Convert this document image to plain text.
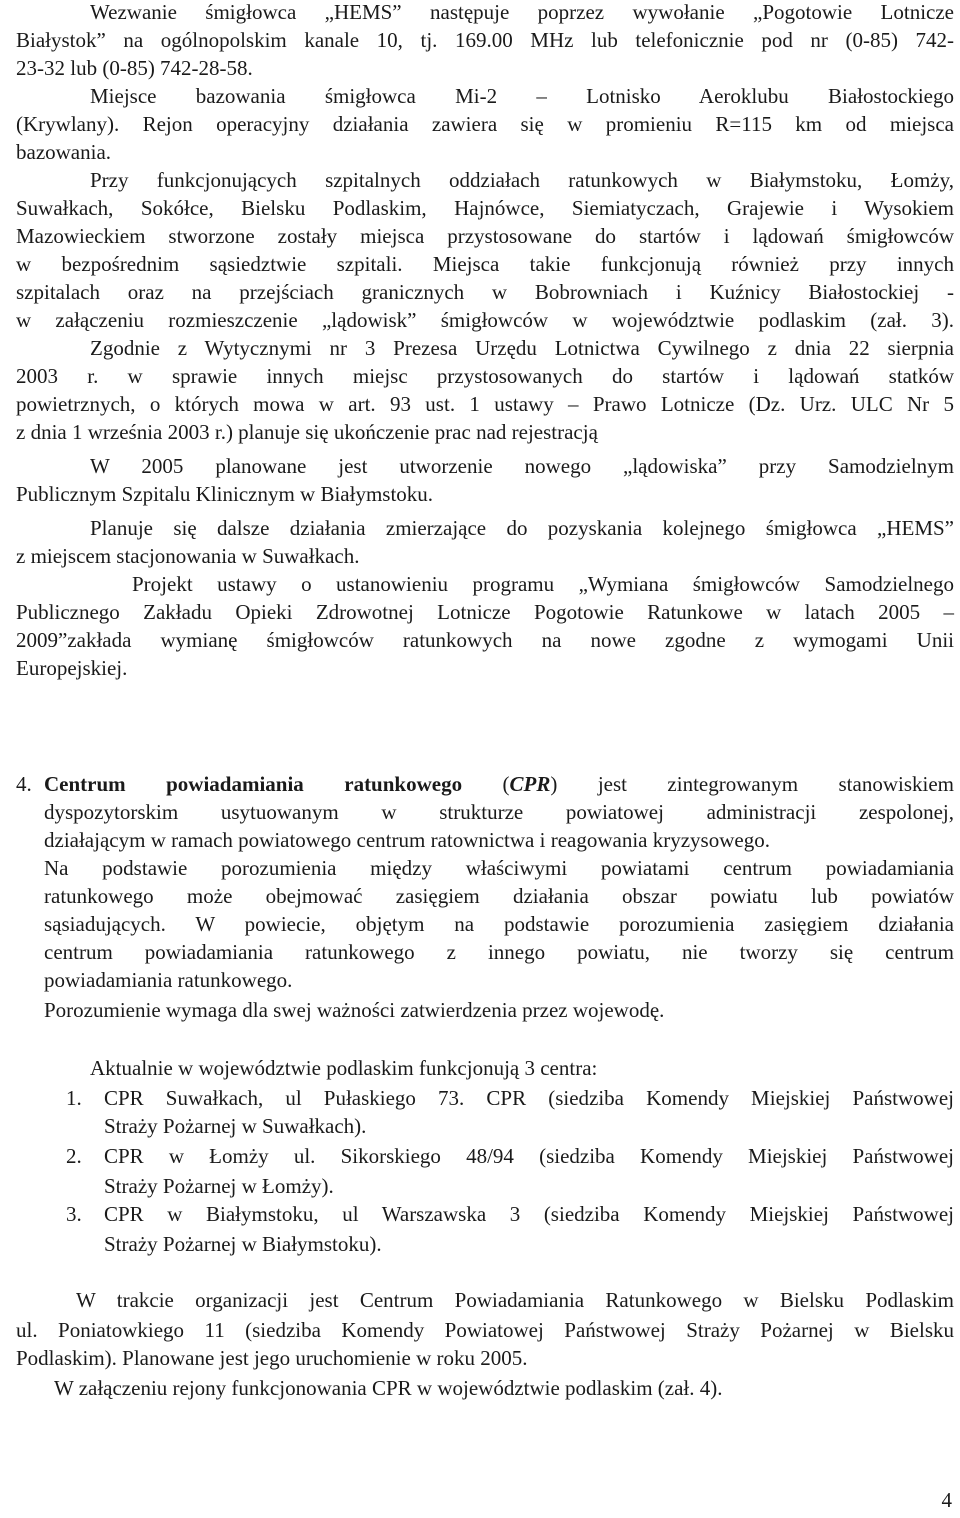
Wezwanie śmigłowca „HEMS” następuje poprzez wywołanie „Pogotowie Lotnicze
Białystok” na ogólnopolskim kanale 10, tj. 169.00 MHz lub telefonicznie pod nr (0-85) 742-
23-32 lub (0-85) 742-28-58.
Miejsce bazowania śmigłowca Mi-2 – Lotnisko Aeroklubu Białostockiego
(Krywlany). Rejon operacyjny działania zawiera się w promieniu R=115 km od miejsca
bazowania.
Przy funkcjonujących szpitalnych oddziałach ratunkowych w Białymstoku, Łomży,
Suwałkach, Sokółce, Bielsku Podlaskim, Hajnówce, Siemiatyczach, Grajewie i Wysokiem
Mazowieckiem stworzone zostały miejsca przystosowane do startów i lądowań śmigłowców
w bezpośrednim sąsiedztwie szpitali. Miejsca takie funkcjonują również przy innych
szpitalach oraz na przejściach granicznych w Bobrowniach i Kuźnicy Białostockiej -
w załączeniu rozmieszczenie „lądowisk” śmigłowców w województwie podlaskim (zał. 3).
Zgodnie z Wytycznymi nr 3 Prezesa Urzędu Lotnictwa Cywilnego z dnia 22 sierpnia
2003 r. w sprawie innych miejsc przystosowanych do startów i lądowań statków
powietrznych, o których mowa w art. 93 ust. 1 ustawy – Prawo Lotnicze (Dz. Urz. ULC Nr 5
z dnia 1 września 2003 r.) planuje się ukończenie prac nad rejestracją
W 2005 planowane jest utworzenie nowego „lądowiska” przy Samodzielnym
Publicznym Szpitalu Klinicznym w Białymstoku.
Planuje się dalsze działania zmierzające do pozyskania kolejnego śmigłowca „HEMS”
z miejscem stacjonowania w Suwałkach.
Projekt ustawy o ustanowieniu programu „Wymiana śmigłowców Samodzielnego
Publicznego Zakładu Opieki Zdrowotnej Lotnicze Pogotowie Ratunkowe w latach 2005 –
2009”zakłada wymianę śmigłowców ratunkowych na nowe zgodne z wymogami Unii
Europejskiej.
4. Centrum powiadamiania ratunkowego (CPR) jest zintegrowanym stanowiskiem
dyspozytorskim usytuowanym w strukturze powiatowej administracji zespolonej,
działającym w ramach powiatowego centrum ratownictwa i reagowania kryzysowego.
Na podstawie porozumienia między właściwymi powiatami centrum powiadamiania
ratunkowego może obejmować zasięgiem działania obszar powiatu lub powiatów
sąsiadujących. W powiecie, objętym na podstawie porozumienia zasięgiem działania
centrum powiadamiania ratunkowego z innego powiatu, nie tworzy się centrum
powiadamiania ratunkowego.
Porozumienie wymaga dla swej ważności zatwierdzenia przez wojewodę.
Aktualnie w województwie podlaskim funkcjonują 3 centra:
1. CPR Suwałkach, ul Pułaskiego 73. CPR (siedziba Komendy Miejskiej Państwowej
Straży Pożarnej w Suwałkach).
2. CPR w Łomży ul. Sikorskiego 48/94 (siedziba Komendy Miejskiej Państwowej
Straży Pożarnej w Łomży).
3. CPR w Białymstoku, ul Warszawska 3 (siedziba Komendy Miejskiej Państwowej
Straży Pożarnej w Białymstoku).
W trakcie organizacji jest Centrum Powiadamiania Ratunkowego w Bielsku Podlaskim
ul. Poniatowkiego 11 (siedziba Komendy Powiatowej Państwowej Straży Pożarnej w Bielsku
Podlaskim). Planowane jest jego uruchomienie w roku 2005.
W załączeniu rejony funkcjonowania CPR w województwie podlaskim (zał. 4).
4
